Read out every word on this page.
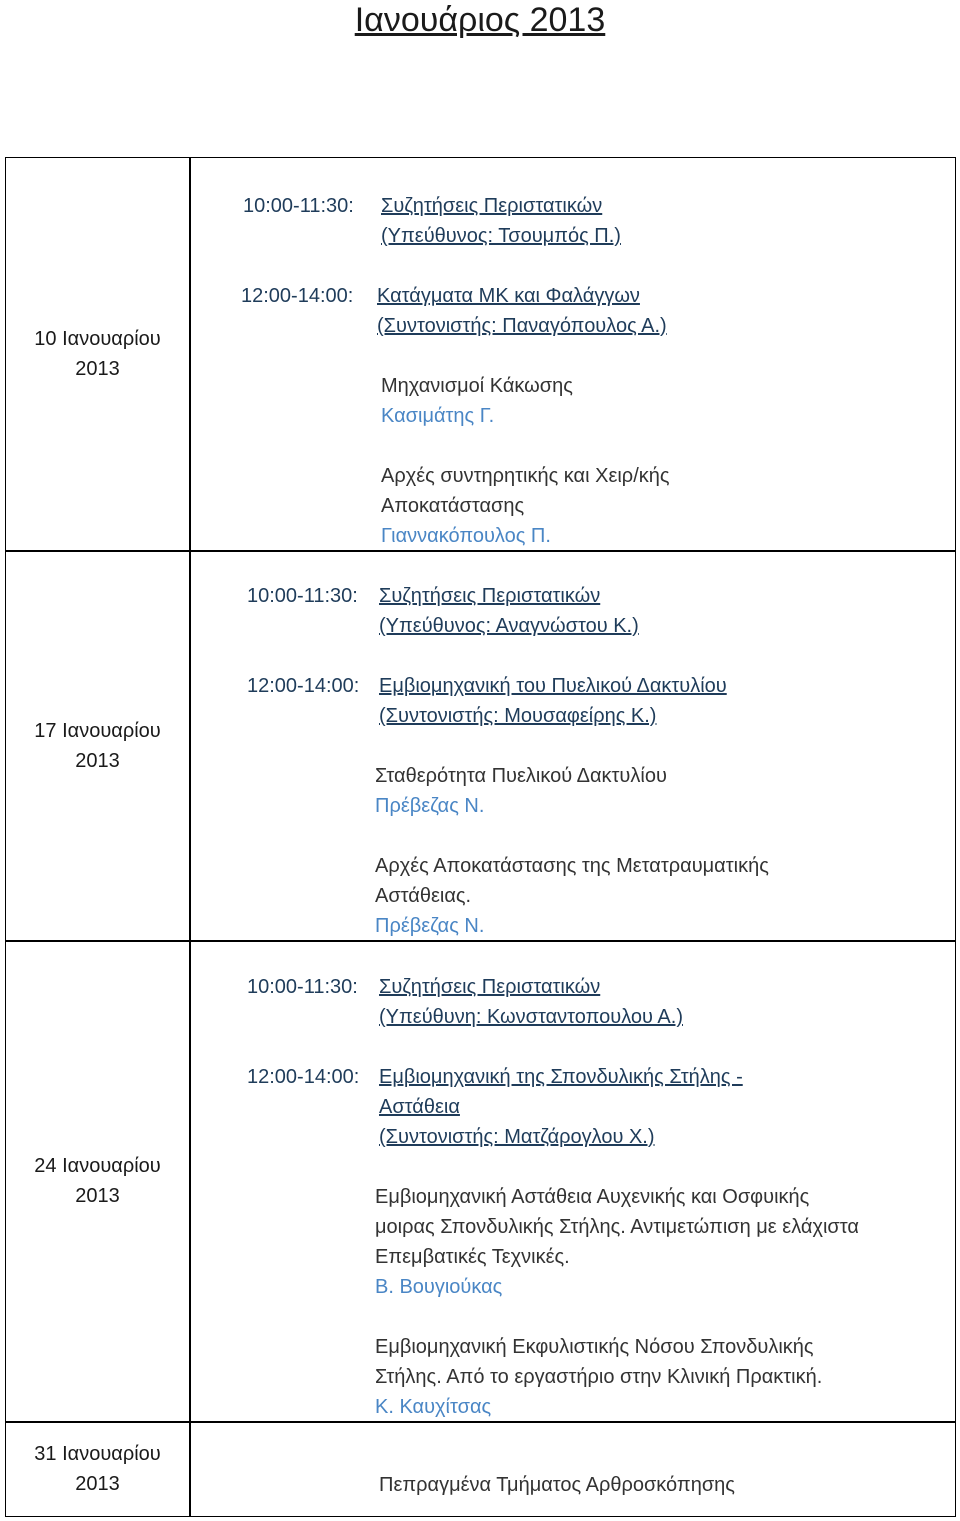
Ιανουάριος 2013
10 Ιανουαρίου
2013
10:00-11:30: Συζητήσεις Περιστατικών
(Υπεύθυνος: Τσουμπός Π.)
12:00-14:00: Κατάγματα ΜΚ και Φαλάγγων
(Συντονιστής: Παναγόπουλος Α.)
Μηχανισμοί Κάκωσης
Κασιμάτης Γ.
Αρχές συντηρητικής και Χειρ/κής
Αποκατάστασης
Γιαννακόπουλος Π.
17 Ιανουαρίου
2013
10:00-11:30: Συζητήσεις Περιστατικών
(Υπεύθυνος: Αναγνώστου Κ.)
12:00-14:00: Εμβιομηχανική του Πυελικού Δακτυλίου
(Συντονιστής: Μουσαφείρης Κ.)
Σταθερότητα Πυελικού Δακτυλίου
Πρέβεζας Ν.
Αρχές Αποκατάστασης της Μετατραυματικής
Αστάθειας.
Πρέβεζας Ν.
24 Ιανουαρίου
2013
10:00-11:30: Συζητήσεις Περιστατικών
(Υπεύθυνη: Κωνσταντοπουλου Α.)
12:00-14:00: Εμβιομηχανική της Σπονδυλικής Στήλης -
Αστάθεια
(Συντονιστής: Ματζάρογλου Χ.)
Εμβιομηχανική Αστάθεια Αυχενικής και Οσφυικής
μοιρας Σπονδυλικής Στήλης. Αντιμετώπιση με ελάχιστα
Επεμβατικές Τεχνικές.
Β. Βουγιούκας
Εμβιομηχανική Εκφυλιστικής Νόσου Σπονδυλικής
Στήλης. Από το εργαστήριο στην Κλινική Πρακτική.
Κ. Καυχίτσας
31 Ιανουαρίου
2013	Πεπραγμένα Τμήματος Αρθροσκόπησης
